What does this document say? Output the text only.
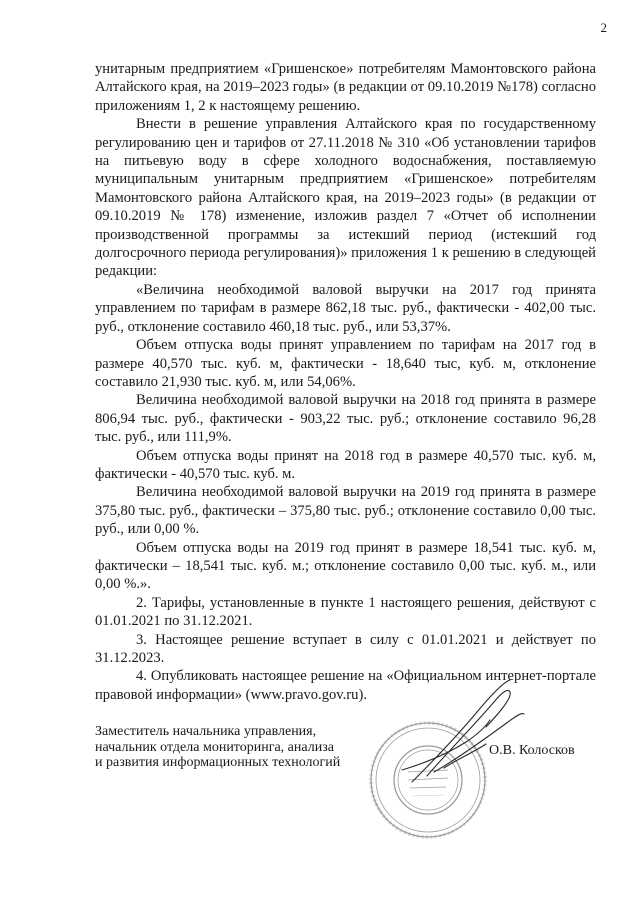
2

унитарным предприятием «Гришенское» потребителям Мамонтовского района Алтайского края, на 2019–2023 годы» (в редакции от 09.10.2019 №178) согласно приложениям 1, 2 к настоящему решению.

Внести в решение управления Алтайского края по государственному регулированию цен и тарифов от 27.11.2018 № 310 «Об установлении тарифов на питьевую воду в сфере холодного водоснабжения, поставляемую муниципальным унитарным предприятием «Гришенское» потребителям Мамонтовского района Алтайского края, на 2019–2023 годы» (в редакции от 09.10.2019 № 178) изменение, изложив раздел 7 «Отчет об исполнении производственной программы за истекший период (истекший год долгосрочного периода регулирования)» приложения 1 к решению в следующей редакции:

«Величина необходимой валовой выручки на 2017 год принята управлением по тарифам в размере 862,18 тыс. руб., фактически - 402,00 тыс. руб., отклонение составило 460,18 тыс. руб., или 53,37%.

Объем отпуска воды принят управлением по тарифам на 2017 год в размере 40,570 тыс. куб. м, фактически - 18,640 тыс, куб. м, отклонение составило 21,930 тыс. куб. м, или 54,06%.

Величина необходимой валовой выручки на 2018 год принята в размере 806,94 тыс. руб., фактически - 903,22 тыс. руб.; отклонение составило 96,28 тыс. руб., или 111,9%.

Объем отпуска воды принят на 2018 год в размере 40,570 тыс. куб. м, фактически - 40,570 тыс. куб. м.

Величина необходимой валовой выручки на 2019 год принята в размере 375,80 тыс. руб., фактически – 375,80 тыс. руб.; отклонение составило 0,00 тыс. руб., или 0,00 %.

Объем отпуска воды на 2019 год принят в размере 18,541 тыс. куб. м, фактически – 18,541 тыс. куб. м.; отклонение составило 0,00 тыс. куб. м., или 0,00 %.».

2. Тарифы, установленные в пункте 1 настоящего решения, действуют с 01.01.2021 по 31.12.2021.

3. Настоящее решение вступает в силу с 01.01.2021 и действует по 31.12.2023.

4. Опубликовать настоящее решение на «Официальном интернет-портале правовой информации» (www.pravo.gov.ru).

Заместитель начальника управления,
начальник отдела мониторинга, анализа
и развития информационных технологий
О.В. Колосков
